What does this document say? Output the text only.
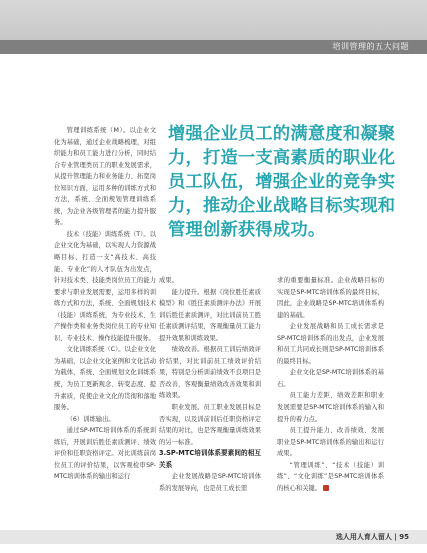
培训管理的五大问题

管理训练系统（M）。以企业文化为基础，通过企业战略梳理，对组织能力和员工能力进行分析，同时结合专业管理类员工的职业发展需求，从提升管理能力和业务能力、拓宽岗位知识方面，运用多种的训练方式和方法，系统、全面规划管理训练系统，为企业各级管理者的能力提升服务。

技术（技能）训练系统（T）。以企业文化为基础，以实现人力资源战略目标、打造一支“高技术、高技能、专业化”的人才队伍为出发点，针对技术类、技能类岗位员工的能力要求与职业发展需要，运用多样的训练方式和方法，系统、全面规划技术（技能）训练系统，为专业技术、生产操作类和业务类岗位员工的专业知识、专业技术、操作技能提升服务。

文化训练系统（C）。以企业文化为基础，以企业文化案例和文化活动为载体，系统、全面规划文化训练系统，为员工更新观念、转变态度、提升素质，促使企业文化的贯彻和落地服务。

（6）训练输出。

通过SP-MTC培训体系的系统训练后，开展训后胜任素质测评、绩效评价和任职资格评定。对比训练前岗位员工的评价结果，以客观检审SP-MTC培训体系的输出和运行

增强企业员工的满意度和凝聚力，打造一支高素质的职业化员工队伍，增强企业的竞争实力，推动企业战略目标实现和管理创新获得成功。

成果。

能力提升。根据《岗位胜任素质模型》和《胜任素质测评办法》开展训后胜任素质测评，对比训前员工胜任素质测评结果，客观衡量员工能力提升效果和训练效果。

绩效改善。根据员工训后绩效评价结果，对比训前员工绩效评价结果，特别是分析训前绩效不良项目是否改善，客观衡量绩效改善效果和训练效果。

职业发展。员工职业发展目标是否实现，以及训前训后任职资格评定结果的对比，也是客观衡量训练效果的另一标准。

3.SP-MTC培训体系要素间的相互关系

企业发展战略是SP-MTC培训体系的发展导向，也是员工成长需

求的重要衡量标准。企业战略目标的实现是SP-MTC培训体系的最终目标，因此，企业战略是SP-MTC培训体系构建的基础。

企业发展战略和员工成长需求是SP-MTC培训体系的出发点，企业发展和员工共同成长则是SP-MTC培训体系的最终目标。

企业文化是SP-MTC培训体系的基石。

员工能力差距、绩效差距和职业发展需要是SP-MTC培训体系的输入和提升的着力点。

员工提升能力、改善绩效、发展职业是SP-MTC培训体系的输出和运行成果。

“管理训练”、“技术（技能）训练”、“文化训练”是SP-MTC培训体系的核心和关键。

选人用人育人留人 | 95
